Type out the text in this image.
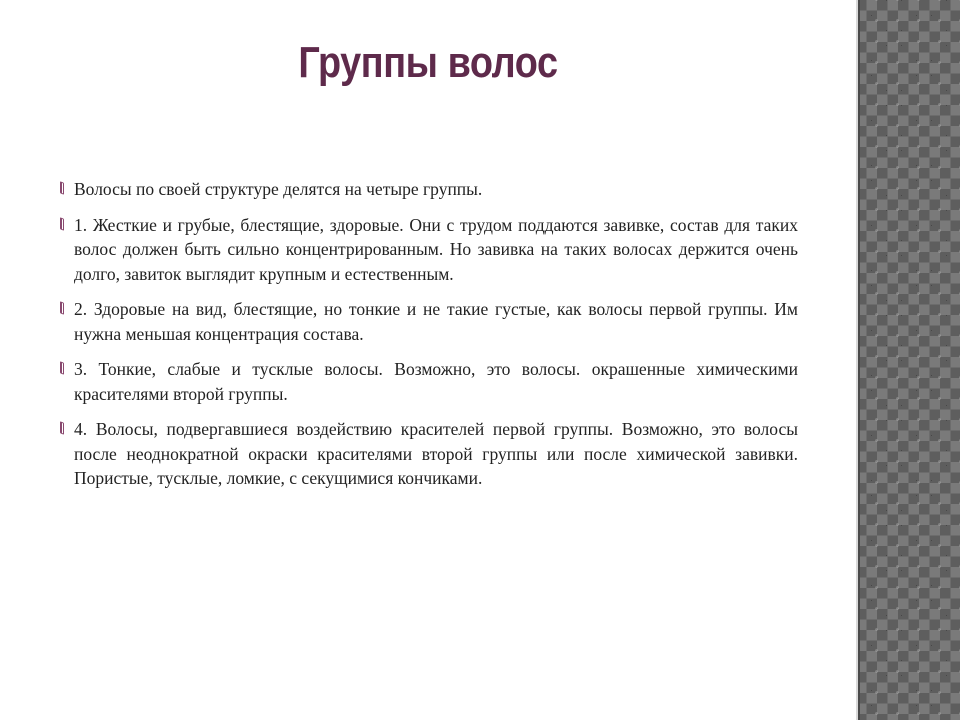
Группы волос

Волосы по своей структуре делятся на четыре группы.

1. Жесткие и грубые, блестящие, здоровые. Они с трудом поддаются завивке, состав для таких волос должен быть сильно концентрированным. Но завивка на таких волосах держится очень долго, завиток выглядит крупным и естественным.

2. Здоровые на вид, блестящие, но тонкие и не такие густые, как волосы первой группы. Им нужна меньшая концентрация состава.

3. Тонкие, слабые и тусклые волосы. Возможно, это волосы. окрашенные химическими красителями второй группы.

4. Волосы, подвергавшиеся воздействию красителей первой группы. Возможно, это волосы после неоднократной окраски красителями второй группы или после химической завивки. Пористые, тусклые, ломкие, с секущимися кончиками.
